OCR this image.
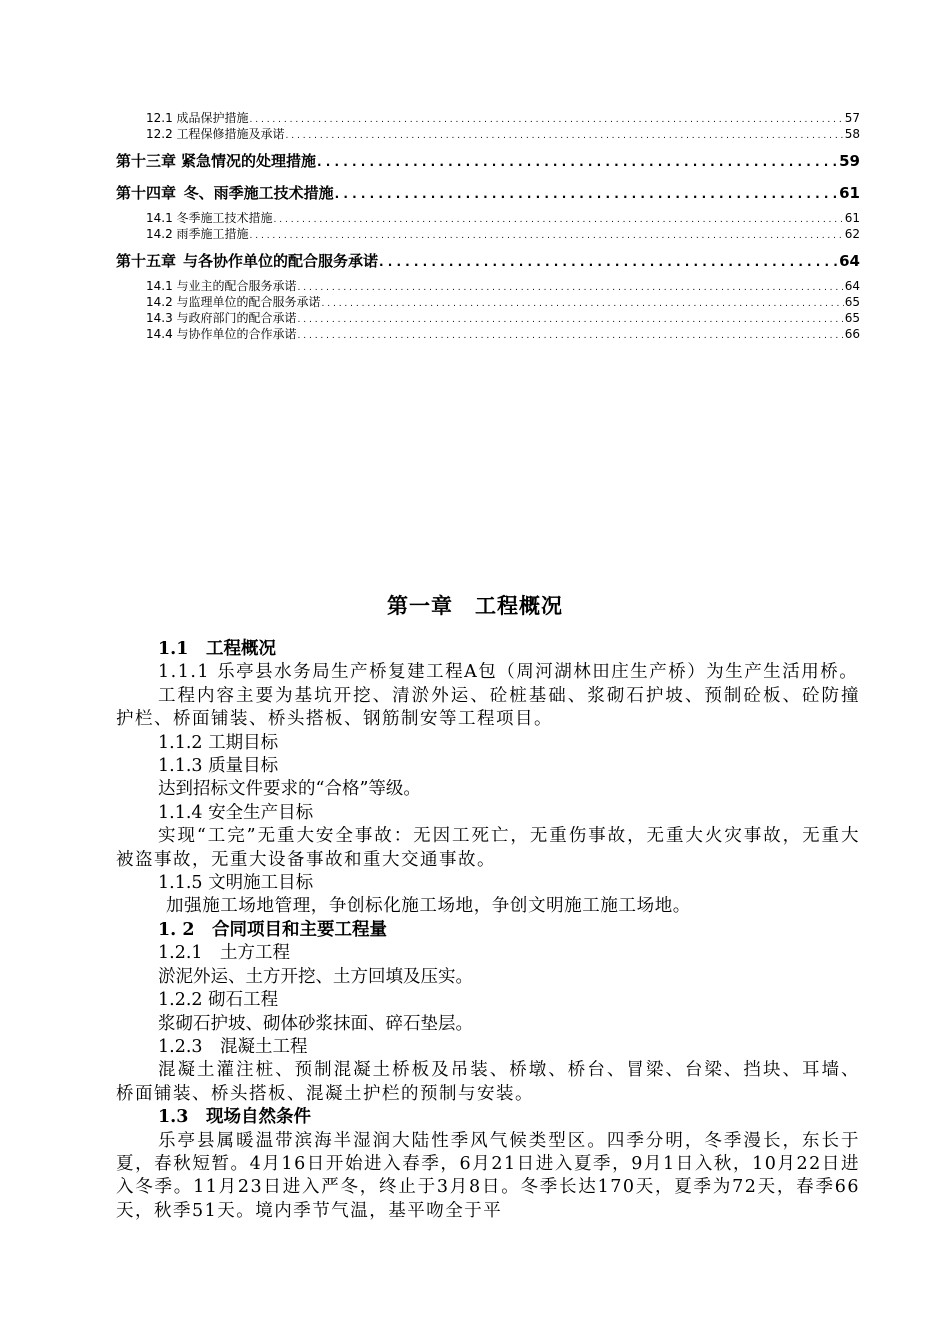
12.1 成品保护措施 . . .	57
12.2 工程保修措施及承诺 . . .	58
第十三章 紧急情况的处理措施 . . .	59
第十四章 冬、雨季施工技术措施 . . .	61
14.1 冬季施工技术措施 . . .	61
14.2 雨季施工措施 . . .	62
第十五章 与各协作单位的配合服务承诺 . . .	64
14.1 与业主的配合服务承诺 . . .	64
14.2 与监理单位的配合服务承诺 . . .	65
14.3 与政府部门的配合承诺 . . .	65
14.4 与协作单位的合作承诺 . . .	66
第一章　工程概况

1.1　工程概况

1.1.1 乐亭县水务局生产桥复建工程A包（周河湖林田庄生产桥）为生产生活用桥。

工程内容主要为基坑开挖、清淤外运、砼桩基础、浆砌石护坡、预制砼板、砼防撞护栏、桥面铺装、桥头搭板、钢筋制安等工程项目。

1.1.2 工期目标

1.1.3 质量目标

达到招标文件要求的“合格”等级。

1.1.4 安全生产目标

实现“工完”无重大安全事故：无因工死亡，无重伤事故，无重大火灾事故，无重大被盗事故，无重大设备事故和重大交通事故。

1.1.5 文明施工目标

加强施工场地管理，争创标化施工场地，争创文明施工施工场地。

1. 2　合同项目和主要工程量

1.2.1　土方工程

淤泥外运、土方开挖、土方回填及压实。

1.2.2 砌石工程

浆砌石护坡、砌体砂浆抹面、碎石垫层。

1.2.3　混凝土工程

混凝土灌注桩、预制混凝土桥板及吊装、桥墩、桥台、冒梁、台梁、挡块、耳墙、桥面铺装、桥头搭板、混凝土护栏的预制与安装。

1.3　现场自然条件

乐亭县属暖温带滨海半湿润大陆性季风气候类型区。四季分明，冬季漫长，东长于夏，春秋短暂。4月16日开始进入春季，6月21日进入夏季，9月1日入秋，10月22日进入冬季。11月23日进入严冬，终止于3月8日。冬季长达170天，夏季为72天，春季66天，秋季51天。境内季节气温，基平吻全于平
